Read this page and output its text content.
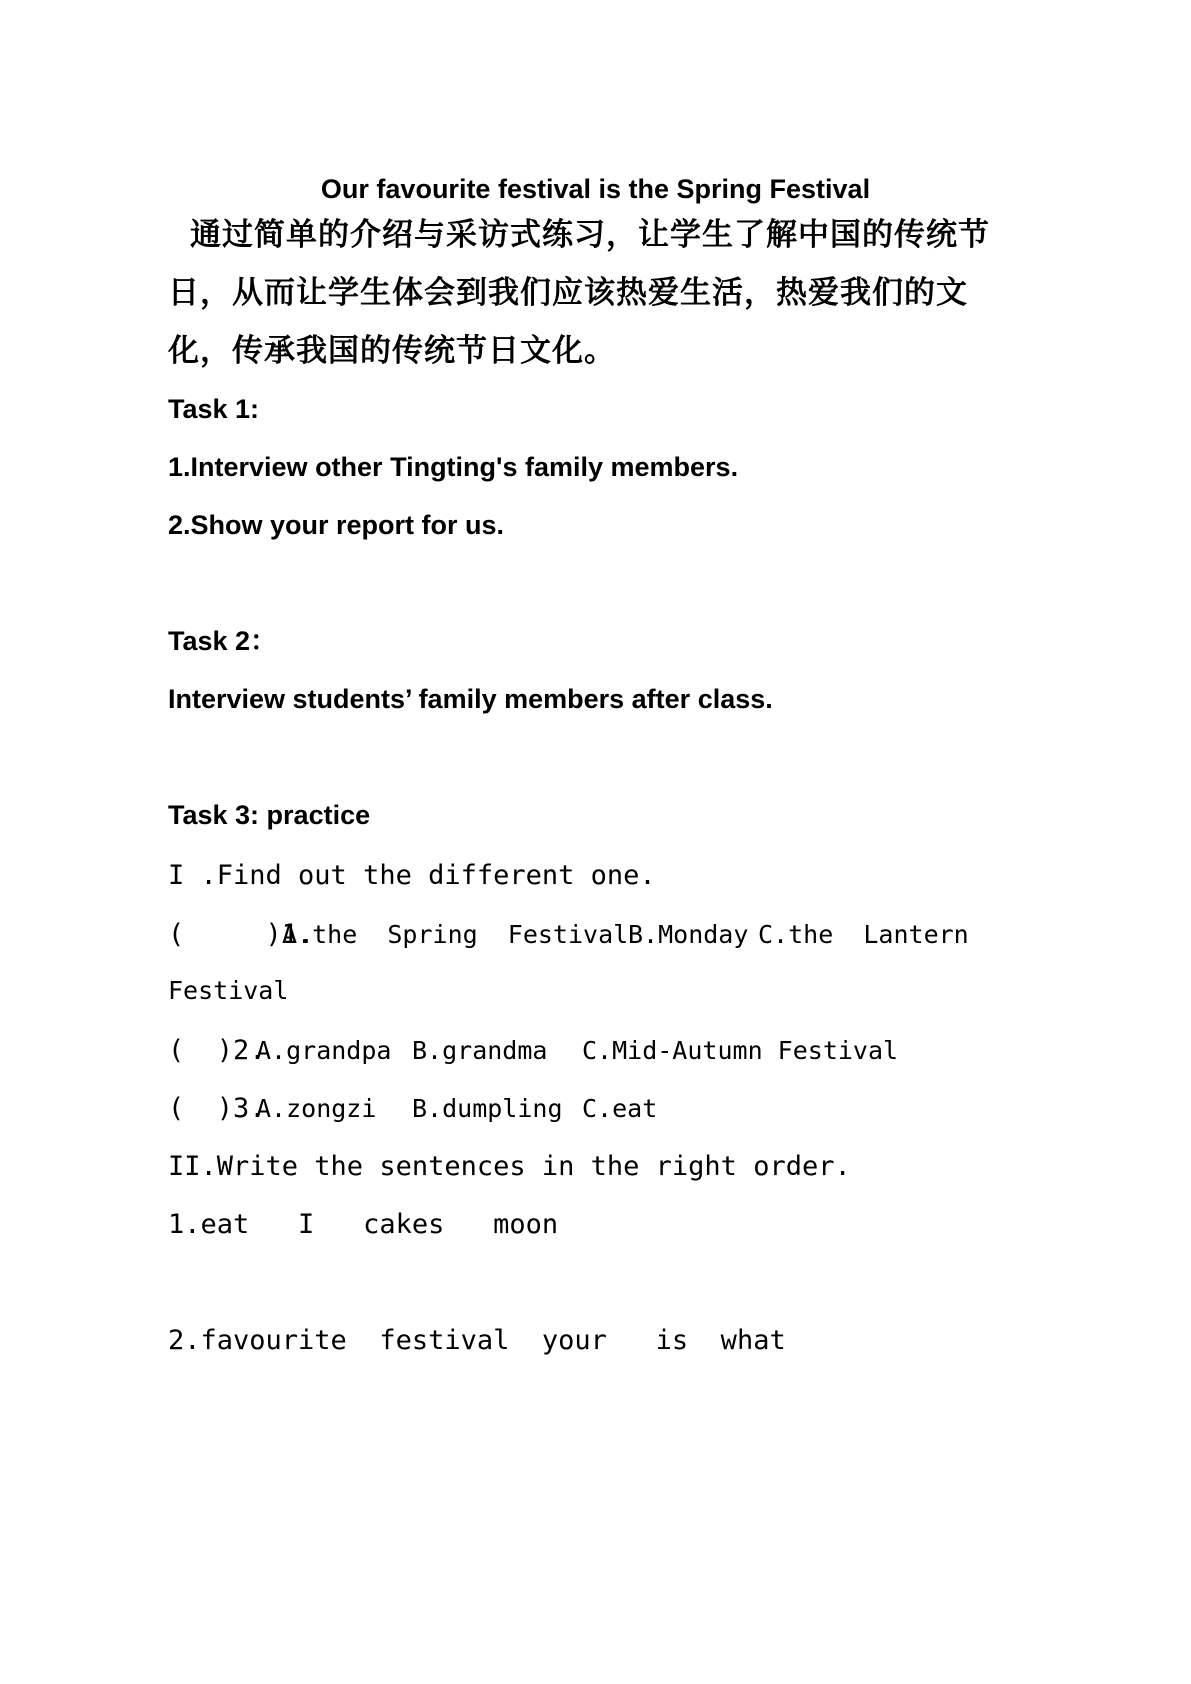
Our favourite festival is the Spring Festival
通过简单的介绍与采访式练习，让学生了解中国的传统节
日，从而让学生体会到我们应该热爱生活，热爱我们的文
化，传承我国的传统节日文化。
Task 1:
1.Interview other Tingting's family members.
2.Show your report for us.
Task 2：
Interview students’ family members after class.
Task 3: practice
I .Find out the different one.
(     )1.
A.the  Spring  Festival B.Monday C.the  Lantern
Festival
(  )2.
A.grandpa B.grandma C.Mid-Autumn Festival
(  )3.
A.zongzi B.dumpling C.eat
II.Write the sentences in the right order.
1.eat   I   cakes   moon
2.favourite  festival  your   is  what
